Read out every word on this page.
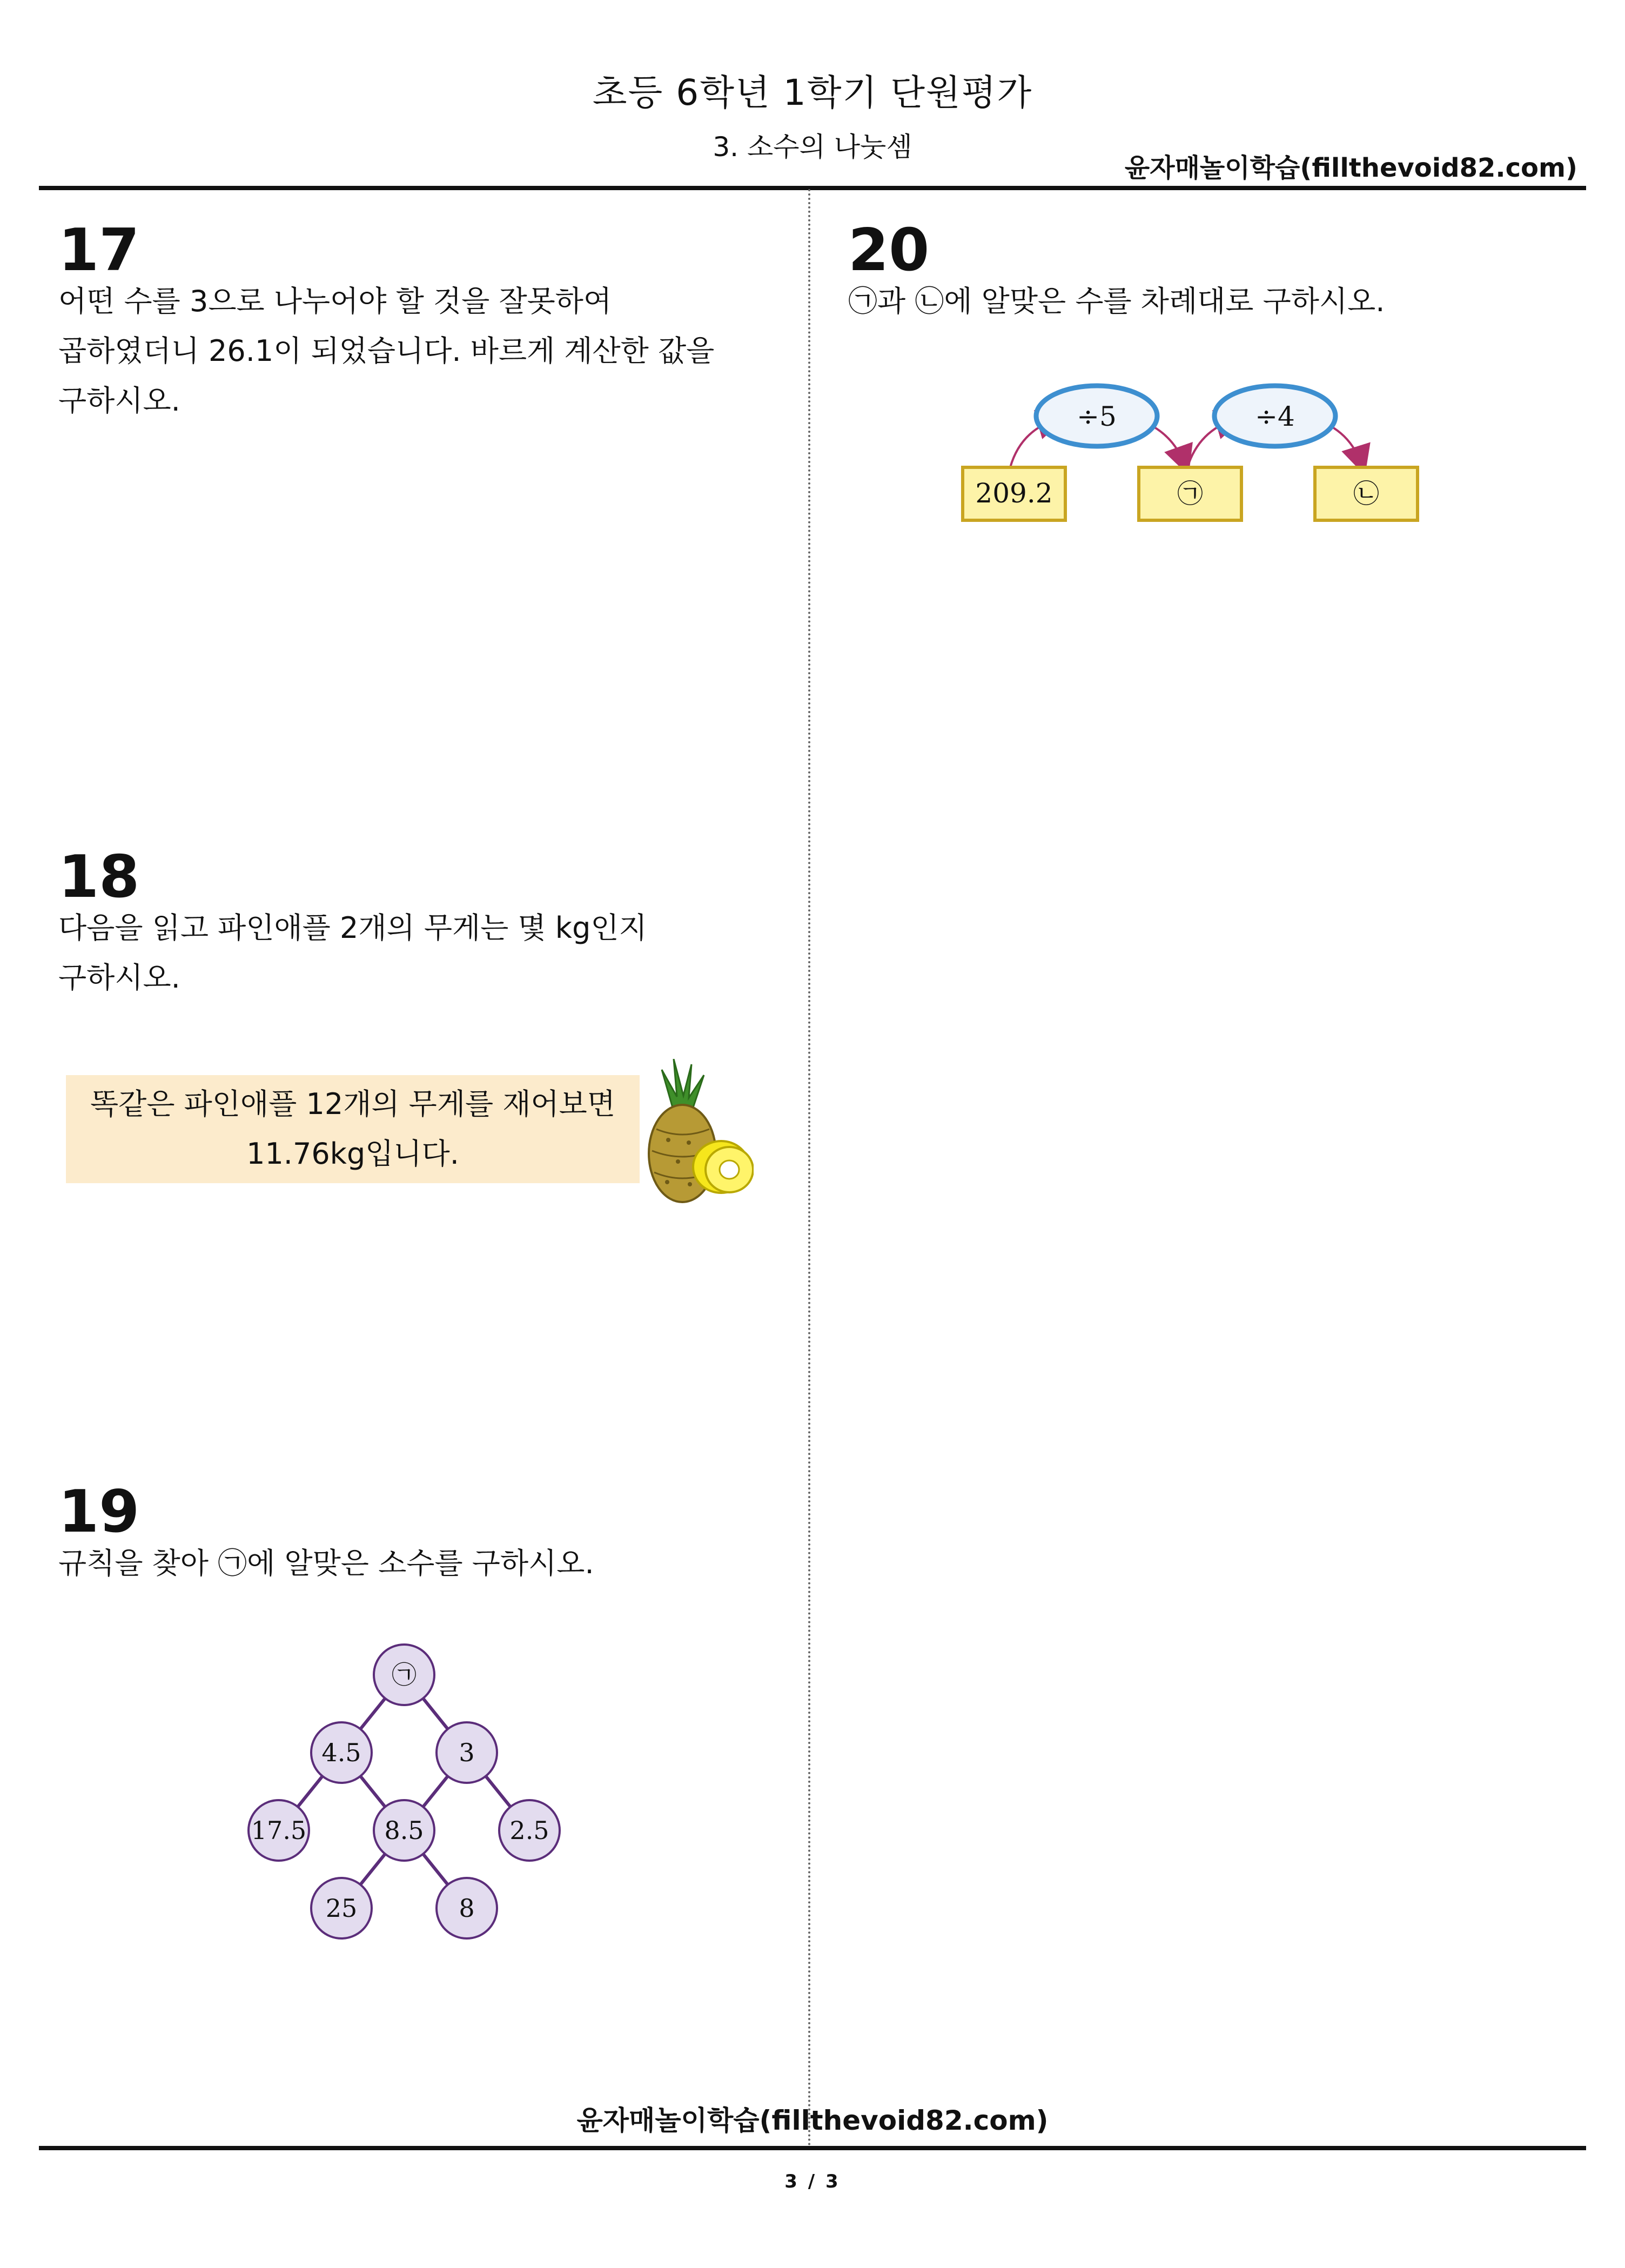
초등 6학년 1학기 단원평가
3. 소수의 나눗셈
윤자매놀이학습(fillthevoid82.com)
17
어떤 수를 3으로 나누어야 할 것을 잘못하여 곱하였더니 26.1이 되었습니다. 바르게 계산한 값을 구하시오.
18
다음을 읽고 파인애플 2개의 무게는 몇 kg인지 구하시오.
똑같은 파인애플 12개의 무게를 재어보면
11.76kg입니다.
19
규칙을 찾아 ㉠에 알맞은 소수를 구하시오.
㉠
4.5	3
17.5	8.5	2.5
25	8
20
㉠과 ㉡에 알맞은 수를 차례대로 구하시오.
÷5	÷4
209.2	㉠	㉡
윤자매놀이학습(fillthevoid82.com)
3 / 3
